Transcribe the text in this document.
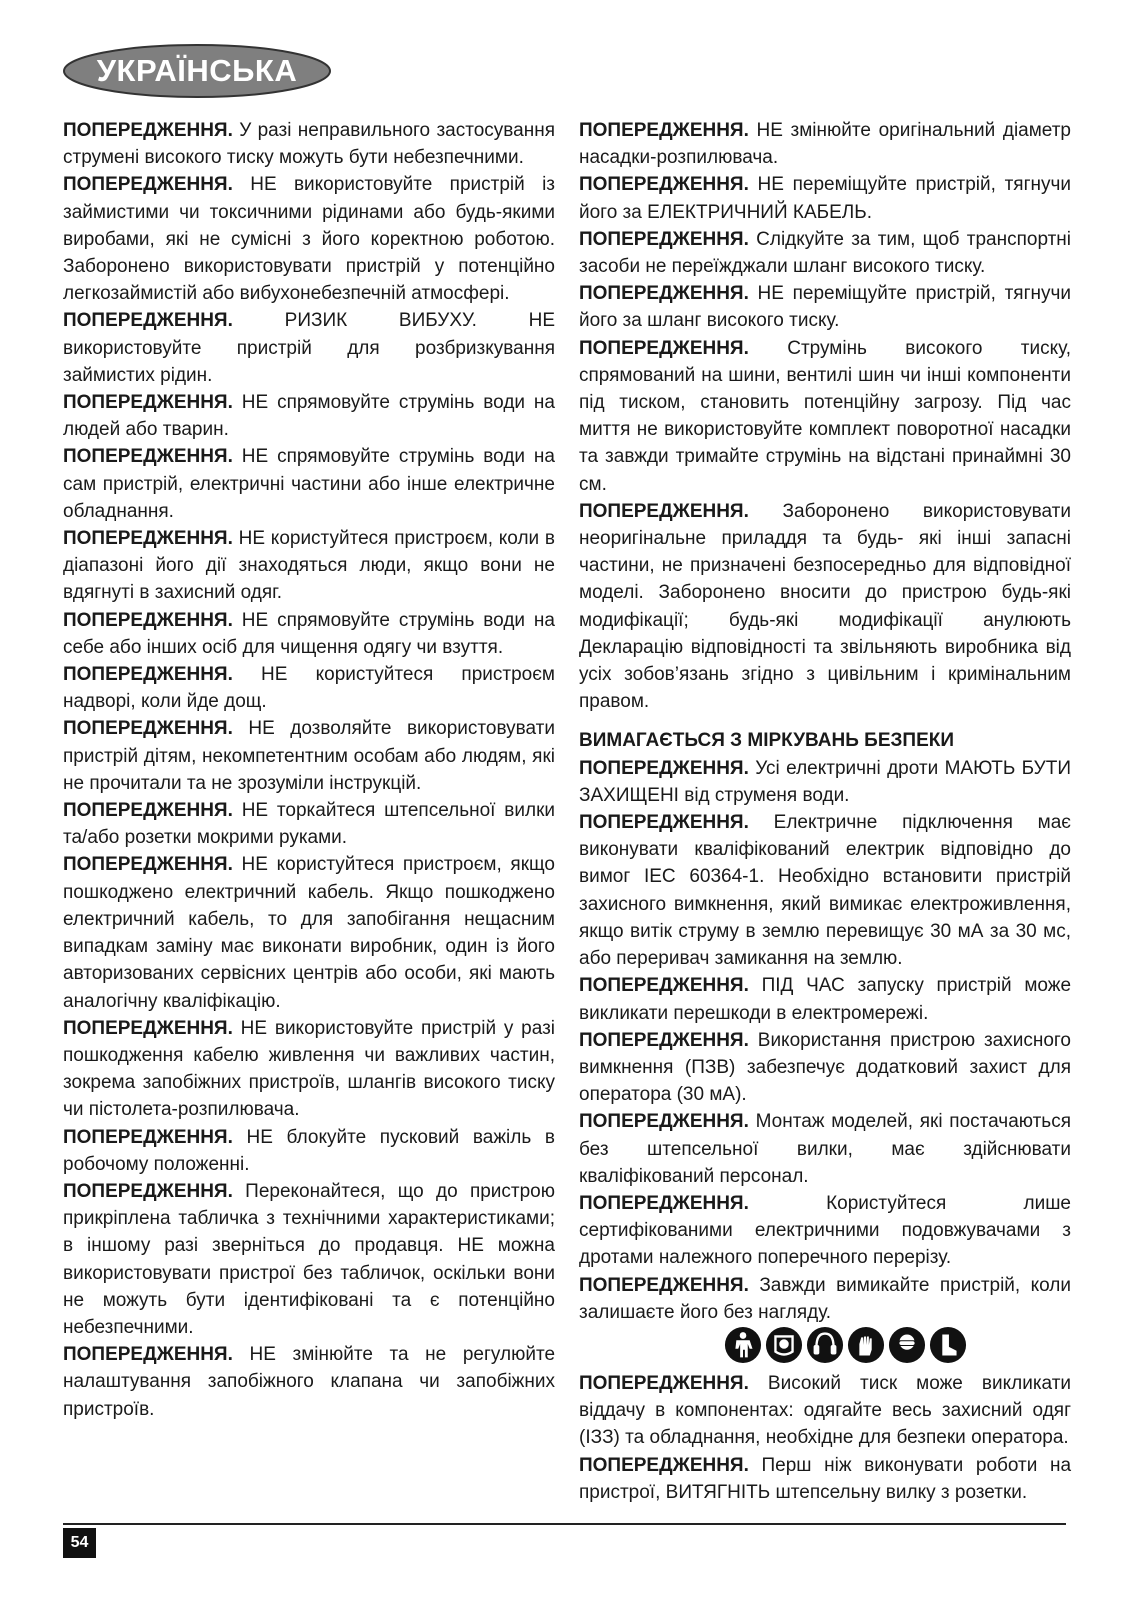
УКРАЇНСЬКА

ПОПЕРЕДЖЕННЯ. У разі неправильного застосування струмені високого тиску можуть бути небезпечними.

ПОПЕРЕДЖЕННЯ. НЕ використовуйте пристрій із займистими чи токсичними рідинами або будь-якими виробами, які не сумісні з його коректною роботою. Заборонено використовувати пристрій у потенційно легкозаймистій або вибухонебезпечній атмосфері.

ПОПЕРЕДЖЕННЯ.	РИЗИК ВИБУХУ. НЕ використовуйте пристрій для розбризкування займистих рідин.

ПОПЕРЕДЖЕННЯ. НЕ спрямовуйте струмінь води на людей або тварин.

ПОПЕРЕДЖЕННЯ. НЕ спрямовуйте струмінь води на сам пристрій, електричні частини або інше електричне обладнання.

ПОПЕРЕДЖЕННЯ. НЕ користуйтеся пристроєм, коли в діапазоні його дії знаходяться люди, якщо вони не вдягнуті в захисний одяг.

ПОПЕРЕДЖЕННЯ. НЕ спрямовуйте струмінь води на себе або інших осіб для чищення одягу чи взуття.

ПОПЕРЕДЖЕННЯ. НЕ користуйтеся пристроєм надворі, коли йде дощ.

ПОПЕРЕДЖЕННЯ. НЕ дозволяйте використовувати пристрій дітям, некомпетентним особам або людям, які не прочитали та не зрозуміли інструкцій.

ПОПЕРЕДЖЕННЯ. НЕ торкайтеся штепсельної вилки та/або розетки мокрими руками.

ПОПЕРЕДЖЕННЯ. НЕ користуйтеся пристроєм, якщо пошкоджено електричний кабель. Якщо пошкоджено електричний кабель, то для запобігання нещасним випадкам заміну має виконати виробник, один із його авторизованих сервісних центрів або особи, які мають аналогічну кваліфікацію.

ПОПЕРЕДЖЕННЯ. НЕ використовуйте пристрій у разі пошкодження кабелю живлення чи важливих частин, зокрема запобіжних пристроїв, шлангів високого тиску чи пістолета-розпилювача.

ПОПЕРЕДЖЕННЯ. НЕ блокуйте пусковий важіль в робочому положенні.

ПОПЕРЕДЖЕННЯ. Переконайтеся, що до пристрою прикріплена табличка з технічними характеристиками; в іншому разі зверніться до продавця. НЕ можна використовувати пристрої без табличок, оскільки вони не можуть бути ідентифіковані та є потенційно небезпечними.

ПОПЕРЕДЖЕННЯ. НЕ змінюйте та не регулюйте налаштування запобіжного клапана чи запобіжних пристроїв.

ПОПЕРЕДЖЕННЯ. НЕ змінюйте оригінальний діаметр насадки-розпилювача.

ПОПЕРЕДЖЕННЯ. НЕ переміщуйте пристрій, тягнучи його за ЕЛЕКТРИЧНИЙ КАБЕЛЬ.

ПОПЕРЕДЖЕННЯ. Слідкуйте за тим, щоб транспортні засоби не переїжджали шланг високого тиску.

ПОПЕРЕДЖЕННЯ. НЕ переміщуйте пристрій, тягнучи його за шланг високого тиску.

ПОПЕРЕДЖЕННЯ. Струмінь високого тиску, спрямований на шини, вентилі шин чи інші компоненти під тиском, становить потенційну загрозу. Під час миття не використовуйте комплект поворотної насадки та завжди тримайте струмінь на відстані принаймні 30 см.

ПОПЕРЕДЖЕННЯ. Заборонено використовувати неоригінальне приладдя та будь- які інші запасні частини, не призначені безпосередньо для відповідної моделі. Заборонено вносити до пристрою будь-які модифікації; будь-які модифікації анулюють Декларацію відповідності та звільняють виробника від усіх зобов’язань згідно з цивільним і кримінальним правом.

ВИМАГАЄТЬСЯ З МІРКУВАНЬ БЕЗПЕКИ

ПОПЕРЕДЖЕННЯ. Усі електричні дроти МАЮТЬ БУТИ ЗАХИЩЕНІ від струменя води.

ПОПЕРЕДЖЕННЯ. Електричне підключення має виконувати кваліфікований електрик відповідно до вимог IEC 60364-1. Необхідно встановити пристрій захисного вимкнення, який вимикає електроживлення, якщо витік струму в землю перевищує 30 мА за 30 мс, або переривач замикання на землю.

ПОПЕРЕДЖЕННЯ. ПІД ЧАС запуску пристрій може викликати перешкоди в електромережі.

ПОПЕРЕДЖЕННЯ. Використання пристрою захисного вимкнення (ПЗВ) забезпечує додатковий захист для оператора (30 мА).

ПОПЕРЕДЖЕННЯ. Монтаж моделей, які постачаються без штепсельної вилки, має здійснювати кваліфікований персонал.

ПОПЕРЕДЖЕННЯ.	Користуйтеся лише сертифікованими електричними подовжувачами з дротами належного поперечного перерізу.

ПОПЕРЕДЖЕННЯ. Завжди вимикайте пристрій, коли залишаєте його без нагляду.

ПОПЕРЕДЖЕННЯ. Високий тиск може викликати віддачу в компонентах: одягайте весь захисний одяг (ІЗЗ) та обладнання, необхідне для безпеки оператора.

ПОПЕРЕДЖЕННЯ. Перш ніж виконувати роботи на пристрої, ВИТЯГНІТЬ штепсельну вилку з розетки.

54
